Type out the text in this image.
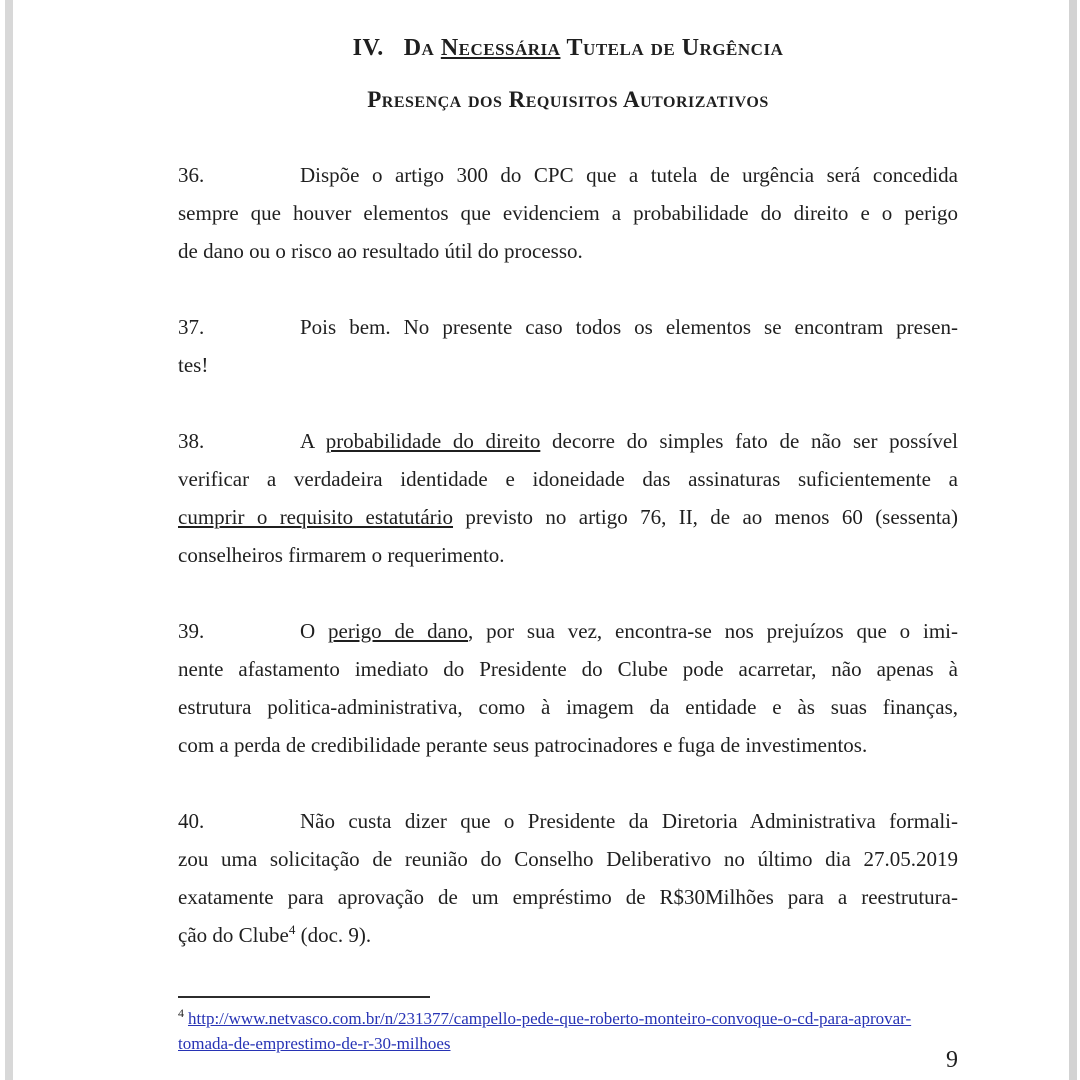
IV. Da Necessária Tutela de Urgência
Presença dos Requisitos Autorizativos
36.	Dispõe o artigo 300 do CPC que a tutela de urgência será concedida
sempre que houver elementos que evidenciem a probabilidade do direito e o perigo
de dano ou o risco ao resultado útil do processo.
37.	Pois bem. No presente caso todos os elementos se encontram presen-
tes!
38.	A probabilidade do direito decorre do simples fato de não ser possível
verificar a verdadeira identidade e idoneidade das assinaturas suficientemente a
cumprir o requisito estatutário previsto no artigo 76, II, de ao menos 60 (sessenta)
conselheiros firmarem o requerimento.
39.	O perigo de dano, por sua vez, encontra-se nos prejuízos que o imi-
nente afastamento imediato do Presidente do Clube pode acarretar, não apenas à
estrutura politica-administrativa, como à imagem da entidade e às suas finanças,
com a perda de credibilidade perante seus patrocinadores e fuga de investimentos.
40.	Não custa dizer que o Presidente da Diretoria Administrativa formali-
zou uma solicitação de reunião do Conselho Deliberativo no último dia 27.05.2019
exatamente para aprovação de um empréstimo de R$30Milhões para a reestrutura-
ção do Clube$^4$ (doc. 9).
$^4$ http://www.netvasco.com.br/n/231377/campello-pede-que-roberto-monteiro-convoque-o-cd-para-aprovar-
tomada-de-emprestimo-de-r-30-milhoes
9
